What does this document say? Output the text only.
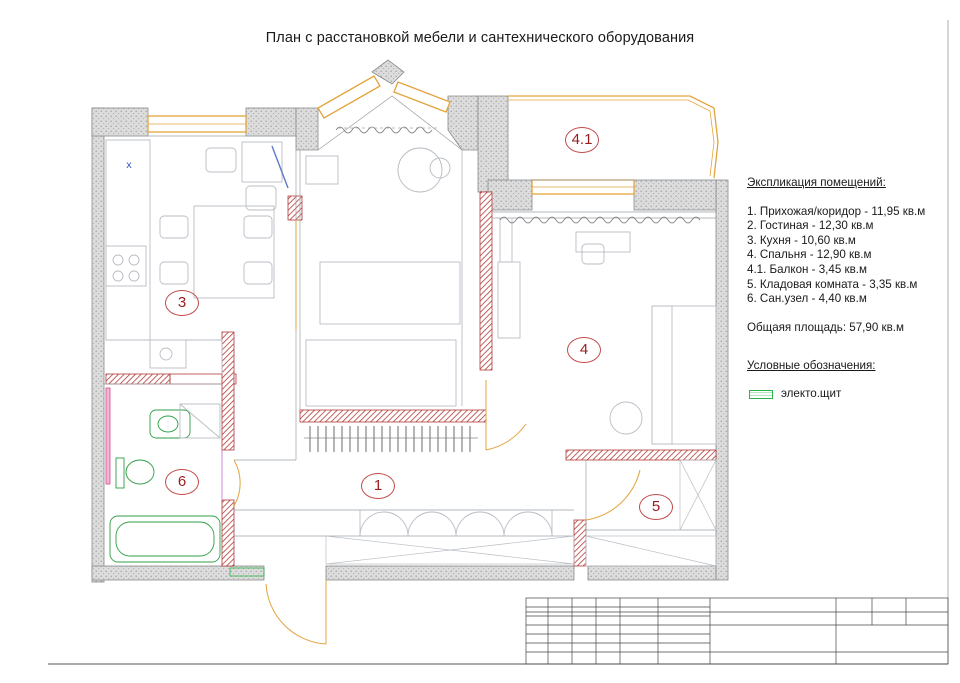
x
План с расстановкой мебели и сантехнического оборудования
4.1
3
4
6	1
5
Экспликация помещений:
1. Прихожая/коридор - 11,95 кв.м
2. Гостиная - 12,30 кв.м
3. Кухня - 10,60 кв.м
4. Спальня - 12,90 кв.м
4.1. Балкон - 3,45 кв.м
5. Кладовая комната - 3,35 кв.м
6. Сан.узел - 4,40 кв.м
Общаяя площадь: 57,90 кв.м
Условные обозначения:
электо.щит
